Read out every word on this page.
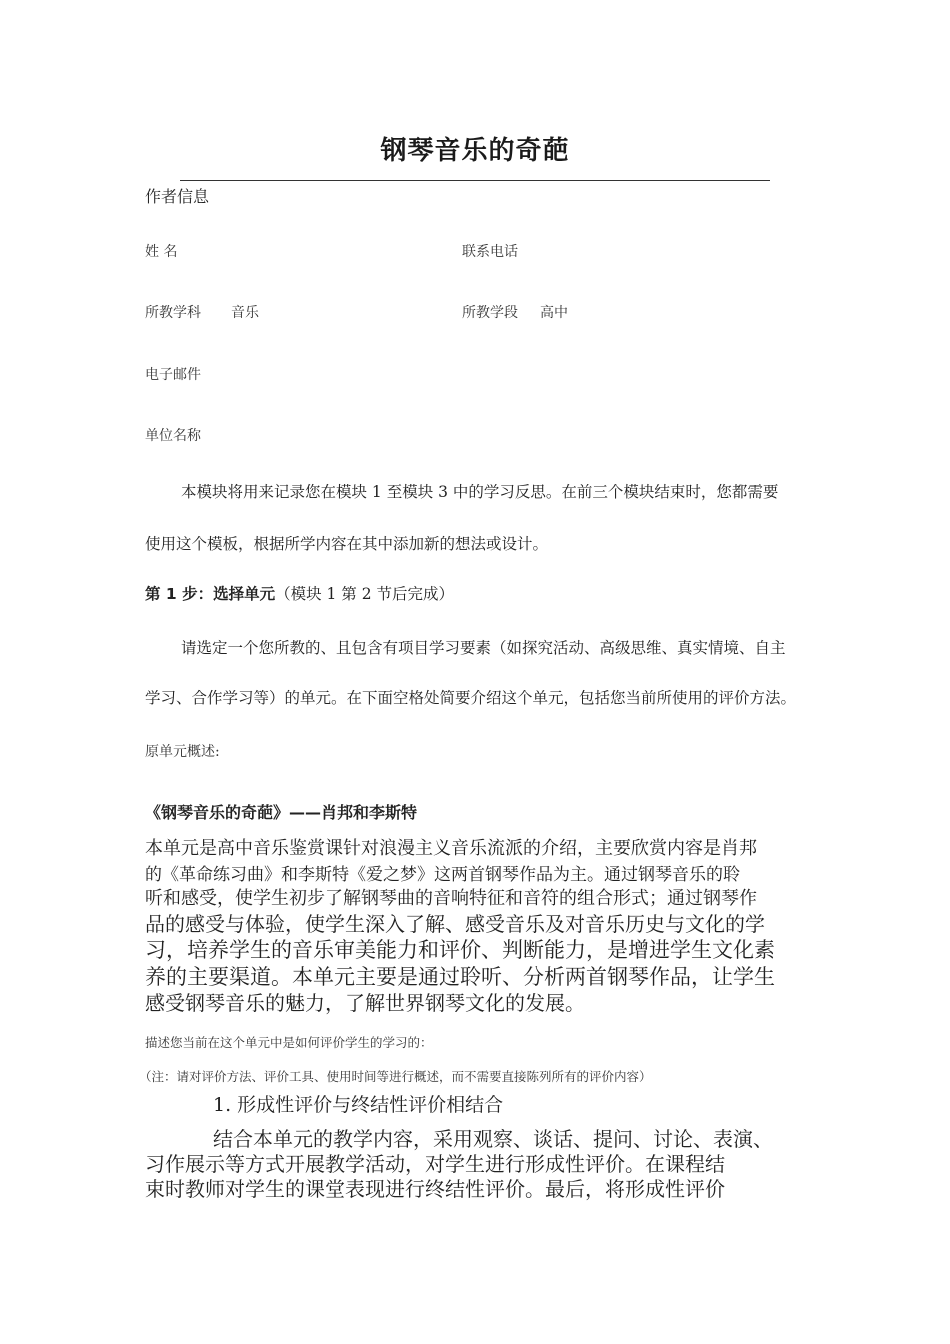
钢琴音乐的奇葩
作者信息
姓 名	联系电话
所教学科 音乐	所教学段 高中
电子邮件
单位名称
本模块将用来记录您在模块 1 至模块 3 中的学习反思。在前三个模块结束时，您都需要
使用这个模板，根据所学内容在其中添加新的想法或设计。
第 1 步：选择单元（模块 1 第 2 节后完成）
请选定一个您所教的、且包含有项目学习要素（如探究活动、高级思维、真实情境、自主
学习、合作学习等）的单元。在下面空格处简要介绍这个单元，包括您当前所使用的评价方法。
原单元概述:
《钢琴音乐的奇葩》——肖邦和李斯特
本单元是高中音乐鉴赏课针对浪漫主义音乐流派的介绍，主要欣赏内容是肖邦
的《革命练习曲》和李斯特《爱之梦》这两首钢琴作品为主。通过钢琴音乐的聆
听和感受，使学生初步了解钢琴曲的音响特征和音符的组合形式；通过钢琴作
品的感受与体验，使学生深入了解、感受音乐及对音乐历史与文化的学
习，培养学生的音乐审美能力和评价、判断能力，是增进学生文化素
养的主要渠道。本单元主要是通过聆听、分析两首钢琴作品，让学生
感受钢琴音乐的魅力，了解世界钢琴文化的发展。
描述您当前在这个单元中是如何评价学生的学习的：
（注：请对评价方法、评价工具、使用时间等进行概述，而不需要直接陈列所有的评价内容）
1. 形成性评价与终结性评价相结合
结合本单元的教学内容，采用观察、谈话、提问、讨论、表演、
习作展示等方式开展教学活动，对学生进行形成性评价。在课程结
束时教师对学生的课堂表现进行终结性评价。最后，将形成性评价
